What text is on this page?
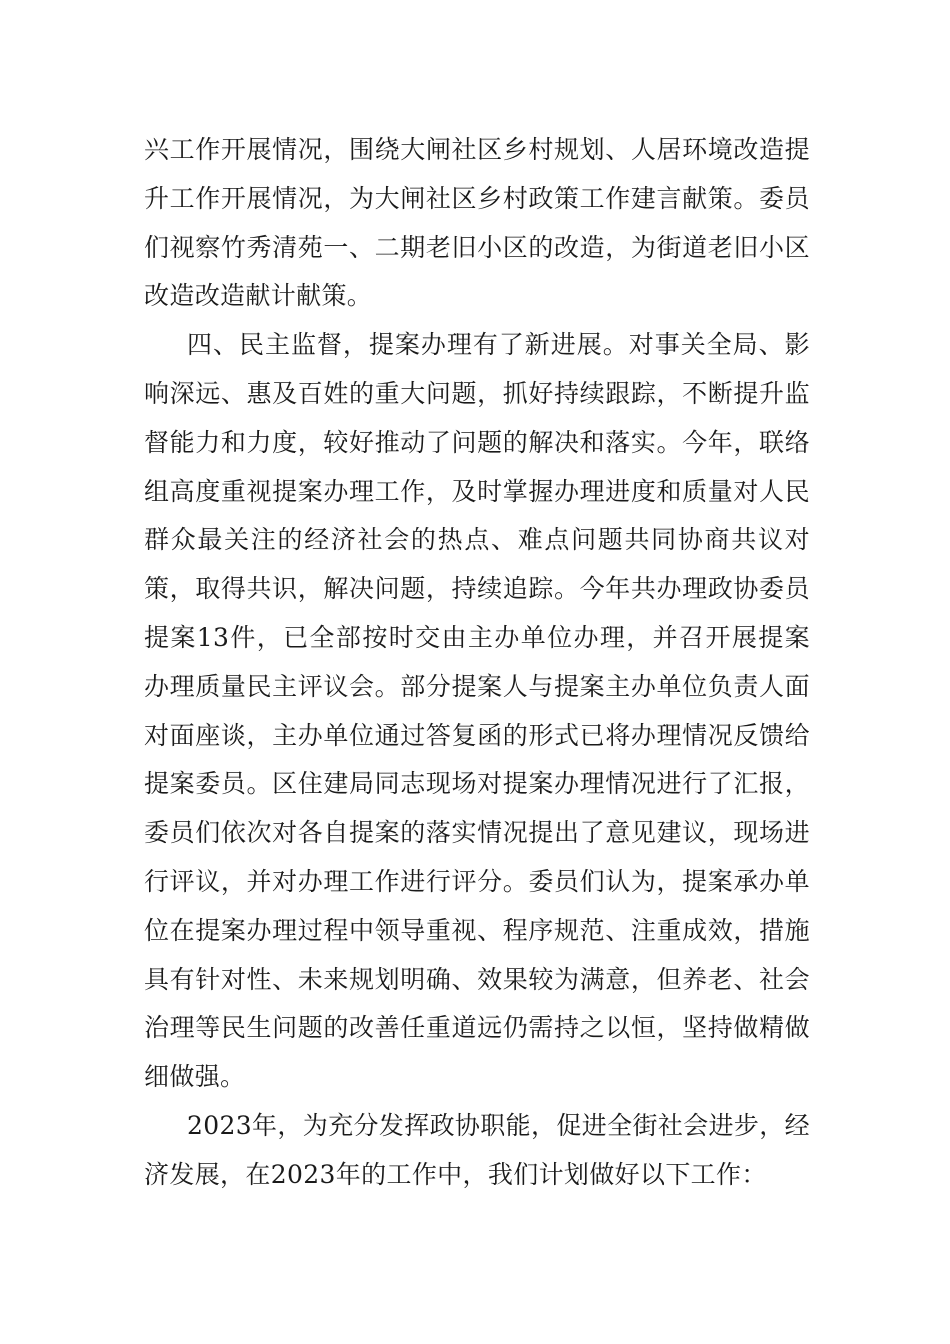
兴工作开展情况，围绕大闸社区乡村规划、人居环境改造提升工作开展情况，为大闸社区乡村政策工作建言献策。委员们视察竹秀清苑一、二期老旧小区的改造，为街道老旧小区改造改造献计献策。

四、民主监督，提案办理有了新进展。对事关全局、影响深远、惠及百姓的重大问题，抓好持续跟踪，不断提升监督能力和力度，较好推动了问题的解决和落实。今年，联络组高度重视提案办理工作，及时掌握办理进度和质量对人民群众最关注的经济社会的热点、难点问题共同协商共议对策，取得共识，解决问题，持续追踪。今年共办理政协委员提案13件，已全部按时交由主办单位办理，并召开展提案办理质量民主评议会。部分提案人与提案主办单位负责人面对面座谈，主办单位通过答复函的形式已将办理情况反馈给提案委员。区住建局同志现场对提案办理情况进行了汇报，委员们依次对各自提案的落实情况提出了意见建议，现场进行评议，并对办理工作进行评分。委员们认为，提案承办单位在提案办理过程中领导重视、程序规范、注重成效，措施具有针对性、未来规划明确、效果较为满意，但养老、社会治理等民生问题的改善任重道远仍需持之以恒，坚持做精做细做强。

2023年，为充分发挥政协职能，促进全街社会进步，经济发展，在2023年的工作中，我们计划做好以下工作：
